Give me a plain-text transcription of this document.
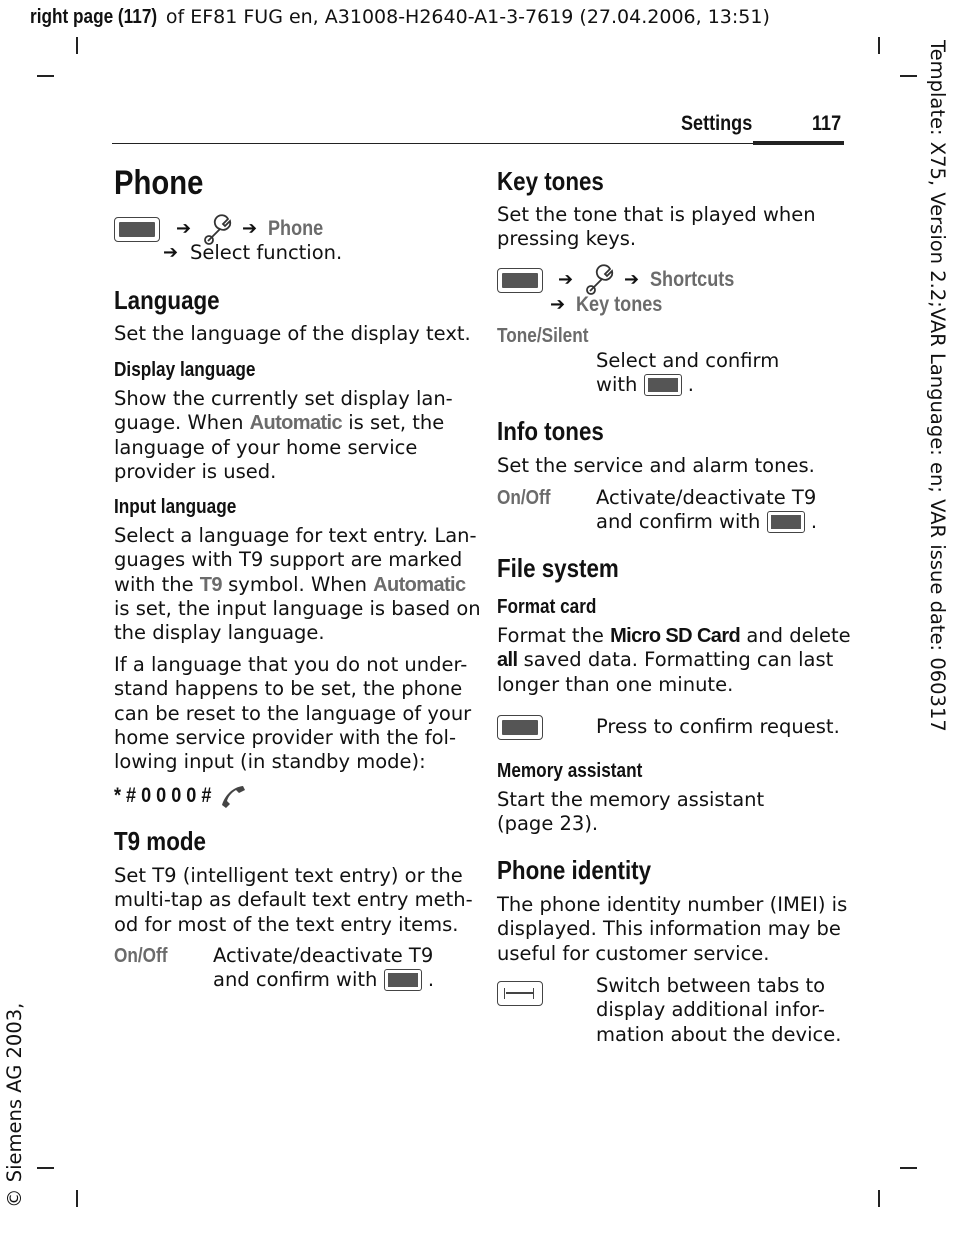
right page (117) of EF81 FUG en, A31008-H2640-A1-3-7619 (27.04.2006, 13:51)
Template: X75, Version 2.2;VAR Language: en; VAR issue date: 060317
© Siemens AG 2003,
Settings	117
Phone
➔	➔ Phone
➔ Select function.
Language
Set the language of the display text.
Display language
Show the currently set display lan-
guage. When Automatic is set, the
language of your home service
provider is used.
Input language
Select a language for text entry. Lan-
guages with T9 support are marked
with the T9 symbol. When Automatic
is set, the input language is based on
the display language.
If a language that you do not under-
stand happens to be set, the phone
can be reset to the language of your
home service provider with the fol-
lowing input (in standby mode):
* # 0 0 0 0 #
T9 mode
Set T9 (intelligent text entry) or the
multi-tap as default text entry meth-
od for most of the text entry items.
On/Off Activate/deactivate T9
and confirm with  .
Key tones
Set the tone that is played when
pressing keys.
➔	➔ Shortcuts
➔ Key tones
Tone/Silent
Select and confirm
with  .
Info tones
Set the service and alarm tones.
On/Off Activate/deactivate T9
and confirm with  .
File system
Format card
Format the Micro SD Card and delete
all saved data. Formatting can last
longer than one minute.
Press to confirm request.
Memory assistant
Start the memory assistant
(page 23).
Phone identity
The phone identity number (IMEI) is
displayed. This information may be
useful for customer service.
Switch between tabs to
display additional infor-
mation about the device.
